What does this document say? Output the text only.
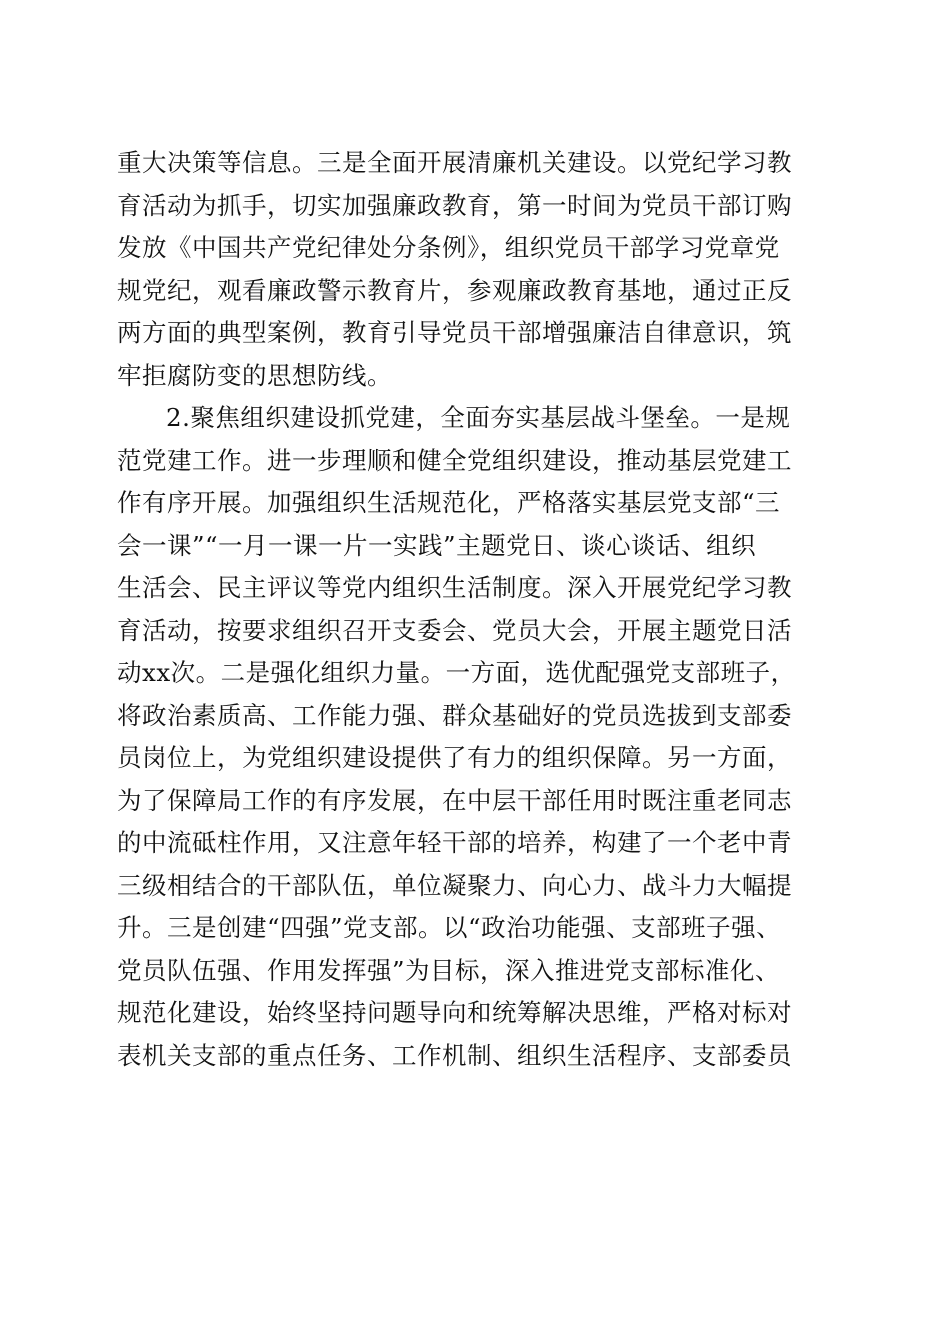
重大决策等信息。三是全面开展清廉机关建设。以党纪学习教
育活动为抓手，切实加强廉政教育，第一时间为党员干部订购
发放《中国共产党纪律处分条例》，组织党员干部学习党章党
规党纪，观看廉政警示教育片，参观廉政教育基地，通过正反
两方面的典型案例，教育引导党员干部增强廉洁自律意识，筑
牢拒腐防变的思想防线。
2.聚焦组织建设抓党建，全面夯实基层战斗堡垒。一是规
范党建工作。进一步理顺和健全党组织建设，推动基层党建工
作有序开展。加强组织生活规范化，严格落实基层党支部“三
会一课”“一月一课一片一实践”主题党日、谈心谈话、组织
生活会、民主评议等党内组织生活制度。深入开展党纪学习教
育活动，按要求组织召开支委会、党员大会，开展主题党日活
动xx次。二是强化组织力量。一方面，选优配强党支部班子，
将政治素质高、工作能力强、群众基础好的党员选拔到支部委
员岗位上，为党组织建设提供了有力的组织保障。另一方面，
为了保障局工作的有序发展，在中层干部任用时既注重老同志
的中流砥柱作用，又注意年轻干部的培养，构建了一个老中青
三级相结合的干部队伍，单位凝聚力、向心力、战斗力大幅提
升。三是创建“四强”党支部。以“政治功能强、支部班子强、
党员队伍强、作用发挥强”为目标，深入推进党支部标准化、
规范化建设，始终坚持问题导向和统筹解决思维，严格对标对
表机关支部的重点任务、工作机制、组织生活程序、支部委员
